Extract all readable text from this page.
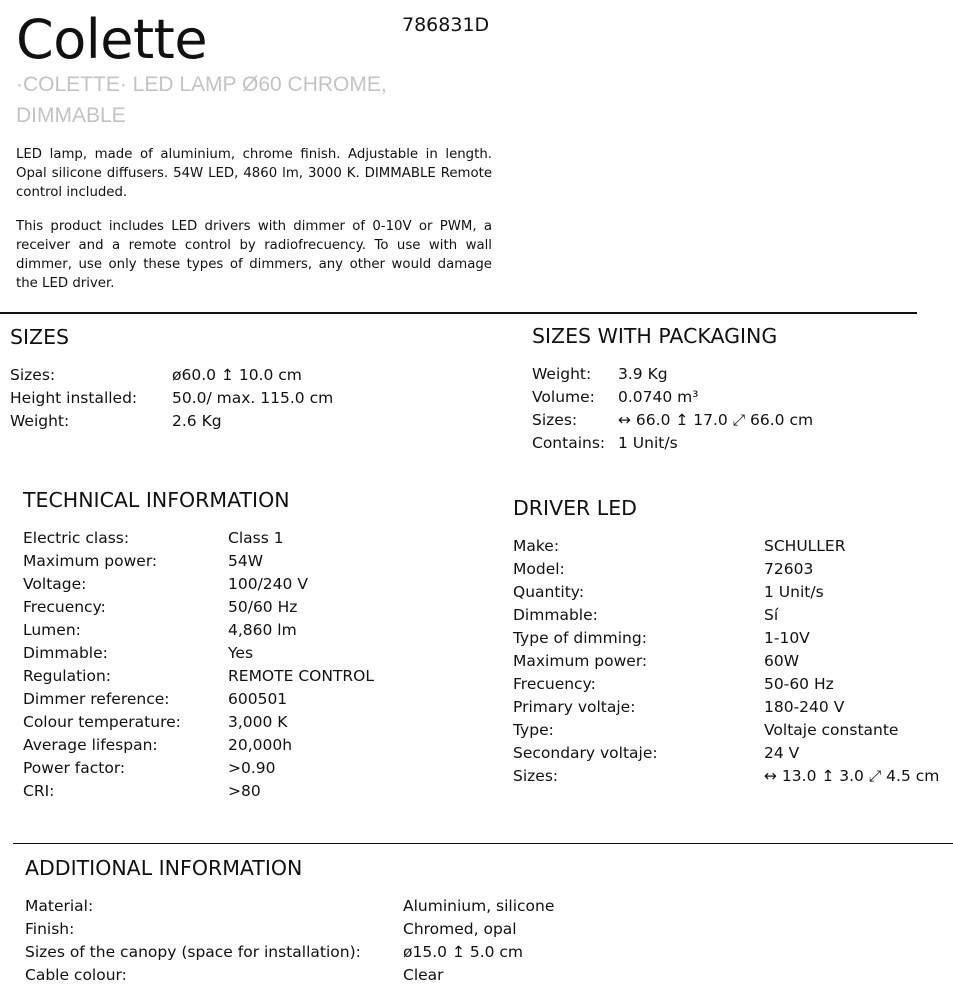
Colette	786831D
·COLETTE· LED LAMP Ø60 CHROME, DIMMABLE

LED lamp, made of aluminium, chrome finish. Adjustable in length. Opal silicone diffusers. 54W LED, 4860 lm, 3000 K. DIMMABLE Remote control included.

This product includes LED drivers with dimmer of 0-10V or PWM, a receiver and a remote control by radiofrecuency. To use with wall dimmer, use only these types of dimmers, any other would damage the LED driver.

SIZES
Sizes:	ø60.0 ↥ 10.0 cm
Height installed:	50.0/ max. 115.0 cm
Weight:	2.6 Kg
SIZES WITH PACKAGING
Weight:	3.9 Kg
Volume:	0.0740 m³
Sizes:	↔ 66.0 ↥ 17.0 ⤢ 66.0 cm
Contains: 1 Unit/s
TECHNICAL INFORMATION
Electric class:	Class 1
Maximum power:	54W
Voltage:	100/240 V
Frecuency:	50/60 Hz
Lumen:	4,860 lm
Dimmable:	Yes
Regulation:	REMOTE CONTROL
Dimmer reference:	600501
Colour temperature:	3,000 K
Average lifespan:	20,000h
Power factor:	>0.90
CRI:	>80
DRIVER LED
Make:	SCHULLER
Model:	72603
Quantity:	1 Unit/s
Dimmable:	Sí
Type of dimming:	1-10V
Maximum power:	60W
Frecuency:	50-60 Hz
Primary voltaje:	180-240 V
Type:	Voltaje constante
Secondary voltaje:	24 V
Sizes:	↔ 13.0 ↥ 3.0 ⤢ 4.5 cm
ADDITIONAL INFORMATION
Material:	Aluminium, silicone
Finish:	Chromed, opal
Sizes of the canopy (space for installation):	ø15.0 ↥ 5.0 cm
Cable colour:	Clear
